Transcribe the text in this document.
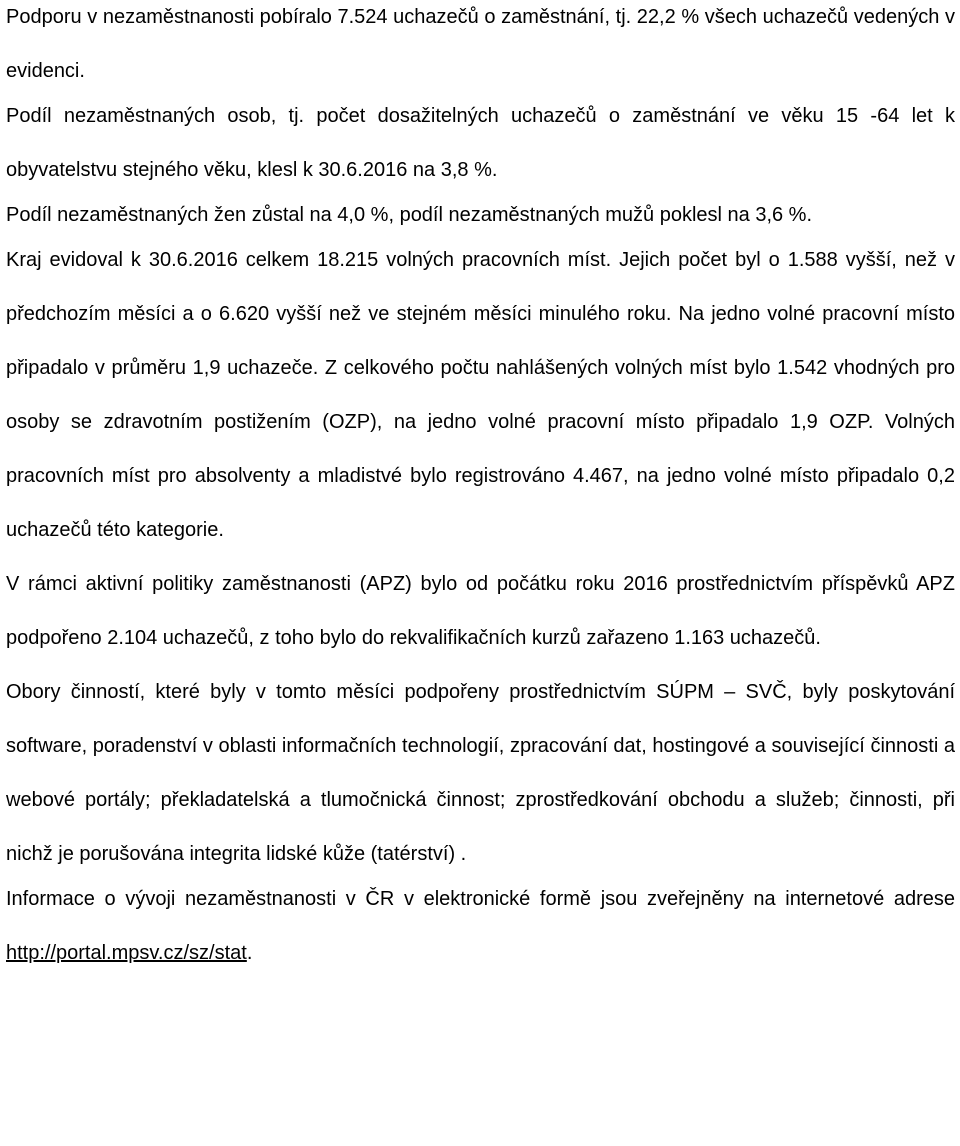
Podporu v nezaměstnanosti pobíralo 7.524 uchazečů o zaměstnání, tj. 22,2 % všech uchazečů vedených v evidenci.

Podíl nezaměstnaných osob, tj. počet dosažitelných uchazečů o zaměstnání ve věku 15 -64 let k obyvatelstvu stejného věku, klesl k 30.6.2016 na 3,8 %.

Podíl nezaměstnaných žen zůstal na 4,0 %, podíl nezaměstnaných mužů poklesl na 3,6 %.

Kraj evidoval k 30.6.2016 celkem 18.215 volných pracovních míst. Jejich počet byl o 1.588 vyšší, než v předchozím měsíci a o 6.620 vyšší než ve stejném měsíci minulého roku. Na jedno volné pracovní místo připadalo v průměru 1,9 uchazeče. Z celkového počtu nahlášených volných míst bylo 1.542 vhodných pro osoby se zdravotním postižením (OZP), na jedno volné pracovní místo připadalo 1,9 OZP. Volných pracovních míst pro absolventy a mladistvé bylo registrováno 4.467, na jedno volné místo připadalo 0,2 uchazečů této kategorie.

V rámci aktivní politiky zaměstnanosti (APZ) bylo od počátku roku 2016 prostřednictvím příspěvků APZ podpořeno 2.104 uchazečů, z toho bylo do rekvalifikačních kurzů zařazeno 1.163 uchazečů.

Obory činností, které byly v tomto měsíci podpořeny prostřednictvím SÚPM – SVČ, byly poskytování software, poradenství v oblasti informačních technologií, zpracování dat, hostingové a související činnosti a webové portály; překladatelská a tlumočnická činnost; zprostředkování obchodu a služeb; činnosti, při nichž je porušována integrita lidské kůže (tatérství) .

Informace o vývoji nezaměstnanosti v ČR v elektronické formě jsou zveřejněny na internetové adrese http://portal.mpsv.cz/sz/stat.
